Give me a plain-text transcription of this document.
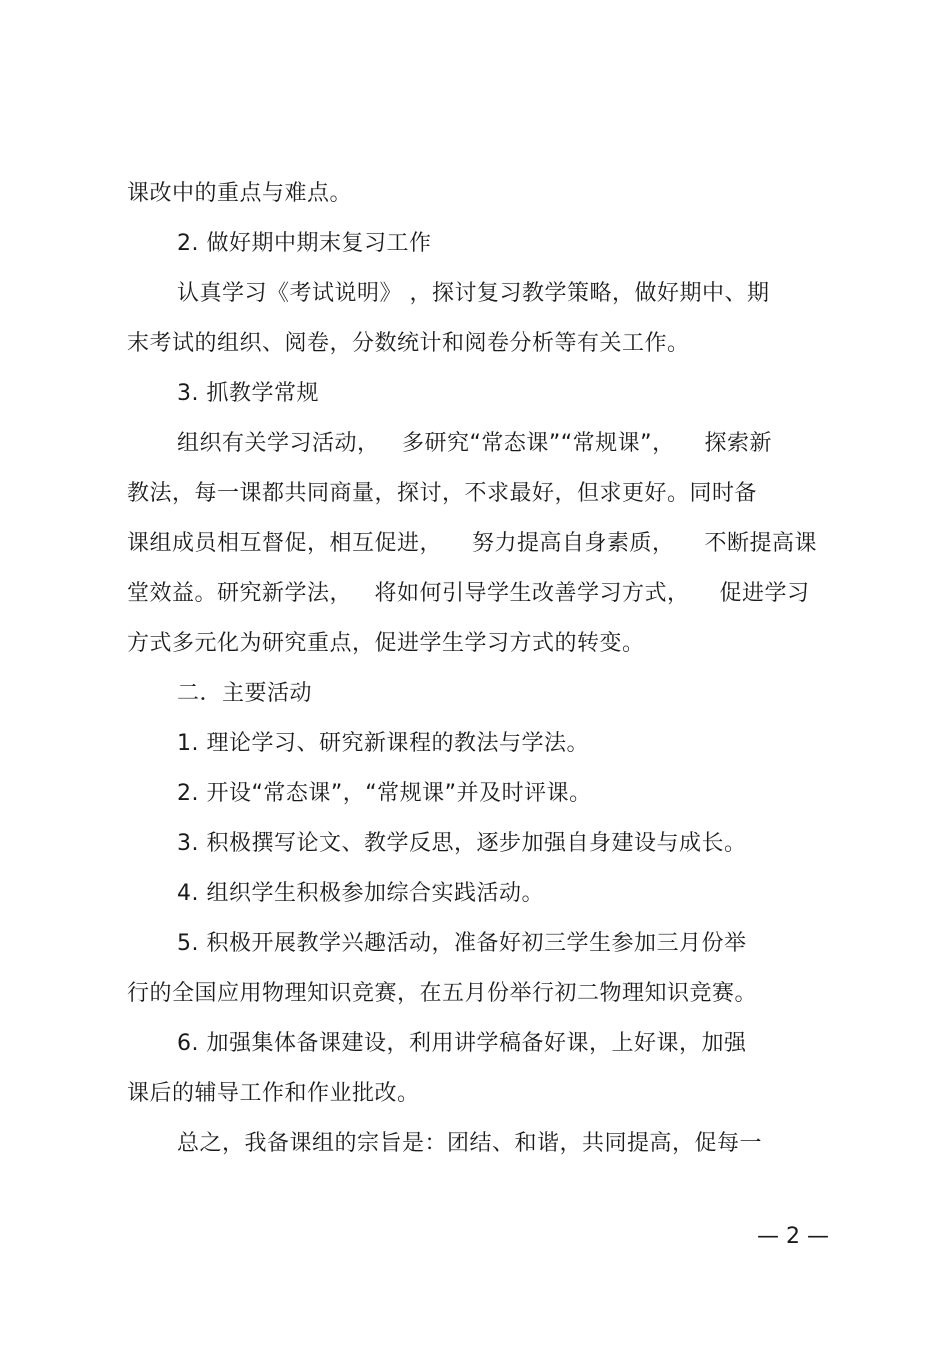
课改中的重点与难点。
2. 做好期中期末复习工作
认真学习《考试说明》 ，探讨复习教学策略，做好期中、期
末考试的组织、阅卷，分数统计和阅卷分析等有关工作。
3. 抓教学常规
组织有关学习活动，   多研究“常态课”“常规课”，    探索新
教法，每一课都共同商量，探讨，不求最好，但求更好。同时备
课组成员相互督促，相互促进，    努力提高自身素质，    不断提高课
堂效益。研究新学法，   将如何引导学生改善学习方式，    促进学习
方式多元化为研究重点，促进学生学习方式的转变。
二．主要活动
1. 理论学习、研究新课程的教法与学法。
2. 开设“常态课”，“常规课”并及时评课。
3. 积极撰写论文、教学反思，逐步加强自身建设与成长。
4. 组织学生积极参加综合实践活动。
5. 积极开展教学兴趣活动，准备好初三学生参加三月份举
行的全国应用物理知识竞赛，在五月份举行初二物理知识竞赛。
6. 加强集体备课建设，利用讲学稿备好课，上好课，加强
课后的辅导工作和作业批改。
总之，我备课组的宗旨是：团结、和谐，共同提高，促每一
— 2 —
